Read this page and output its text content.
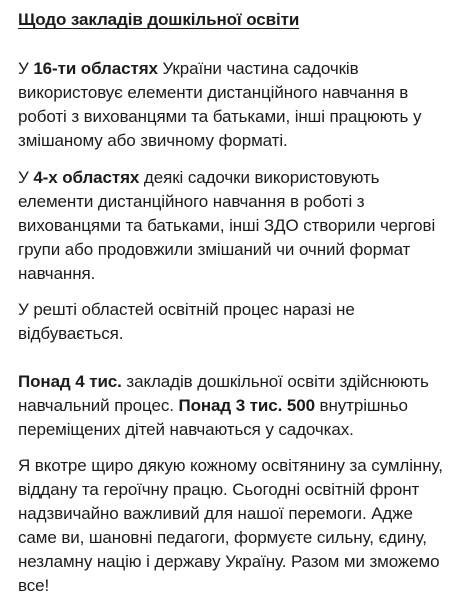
Щодо закладів дошкільної освіти

У 16-ти областях України частина садочків
використовує елементи дистанційного навчання в
роботі з вихованцями та батьками, інші працюють у
змішаному або звичному форматі.

У 4-х областях деякі садочки використовують
елементи дистанційного навчання в роботі з
вихованцями та батьками, інші ЗДО створили чергові
групи або продовжили змішаний чи очний формат
навчання.

У решті областей освітній процес наразі не
відбувається.

Понад 4 тис. закладів дошкільної освіти здійснюють
навчальний процес. Понад 3 тис. 500 внутрішньо
переміщених дітей навчаються у садочках.

Я вкотре щиро дякую кожному освітянину за сумлінну,
віддану та героїчну працю. Сьогодні освітній фронт
надзвичайно важливий для нашої перемоги. Адже
саме ви, шановні педагоги, формуєте сильну, єдину,
незламну націю і державу Україну. Разом ми зможемо
все!
